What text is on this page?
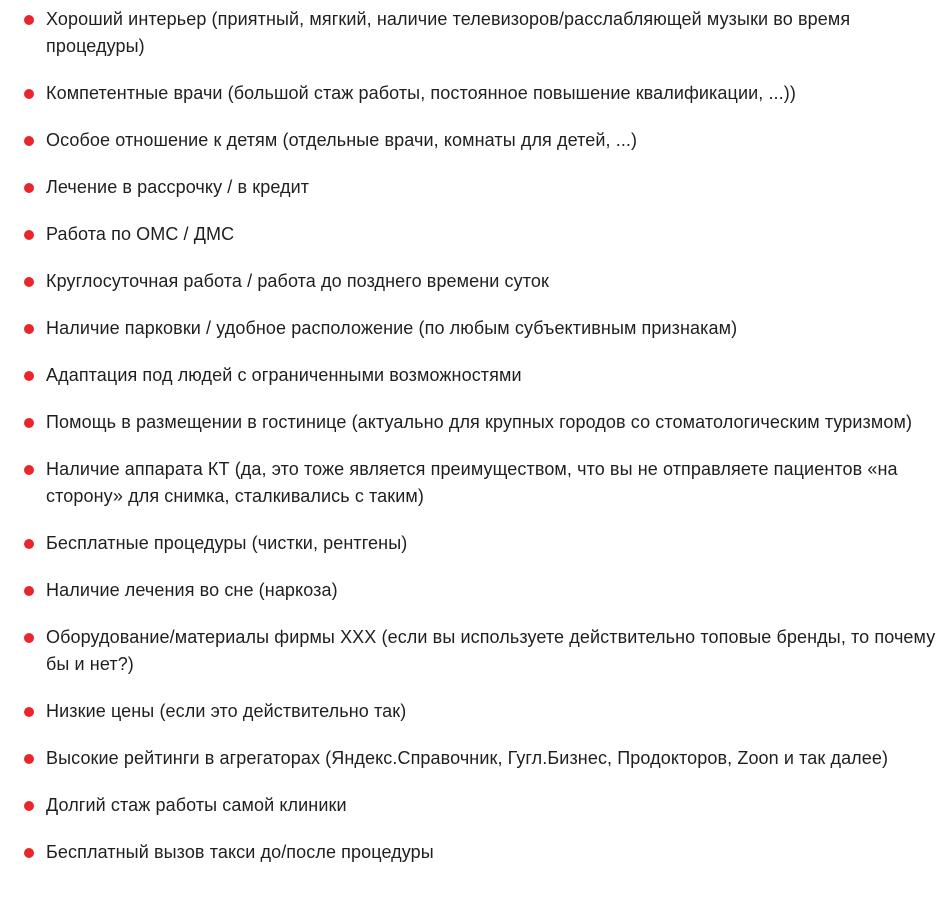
Хороший интерьер (приятный, мягкий, наличие телевизоров/расслабляющей музыки во время процедуры)
Компетентные врачи (большой стаж работы, постоянное повышение квалификации, ...))
Особое отношение к детям (отдельные врачи, комнаты для детей, ...)
Лечение в рассрочку / в кредит
Работа по ОМС / ДМС
Круглосуточная работа / работа до позднего времени суток
Наличие парковки / удобное расположение (по любым субъективным признакам)
Адаптация под людей с ограниченными возможностями
Помощь в размещении в гостинице (актуально для крупных городов со стоматологическим туризмом)
Наличие аппарата КТ (да, это тоже является преимуществом, что вы не отправляете пациентов «на сторону» для снимка, сталкивались с таким)
Бесплатные процедуры (чистки, рентгены)
Наличие лечения во сне (наркоза)
Оборудование/материалы фирмы XXX (если вы используете действительно топовые бренды, то почему бы и нет?)
Низкие цены (если это действительно так)
Высокие рейтинги в агрегаторах (Яндекс.Справочник, Гугл.Бизнес, Продокторов, Zoon и так далее)
Долгий стаж работы самой клиники
Бесплатный вызов такси до/после процедуры
